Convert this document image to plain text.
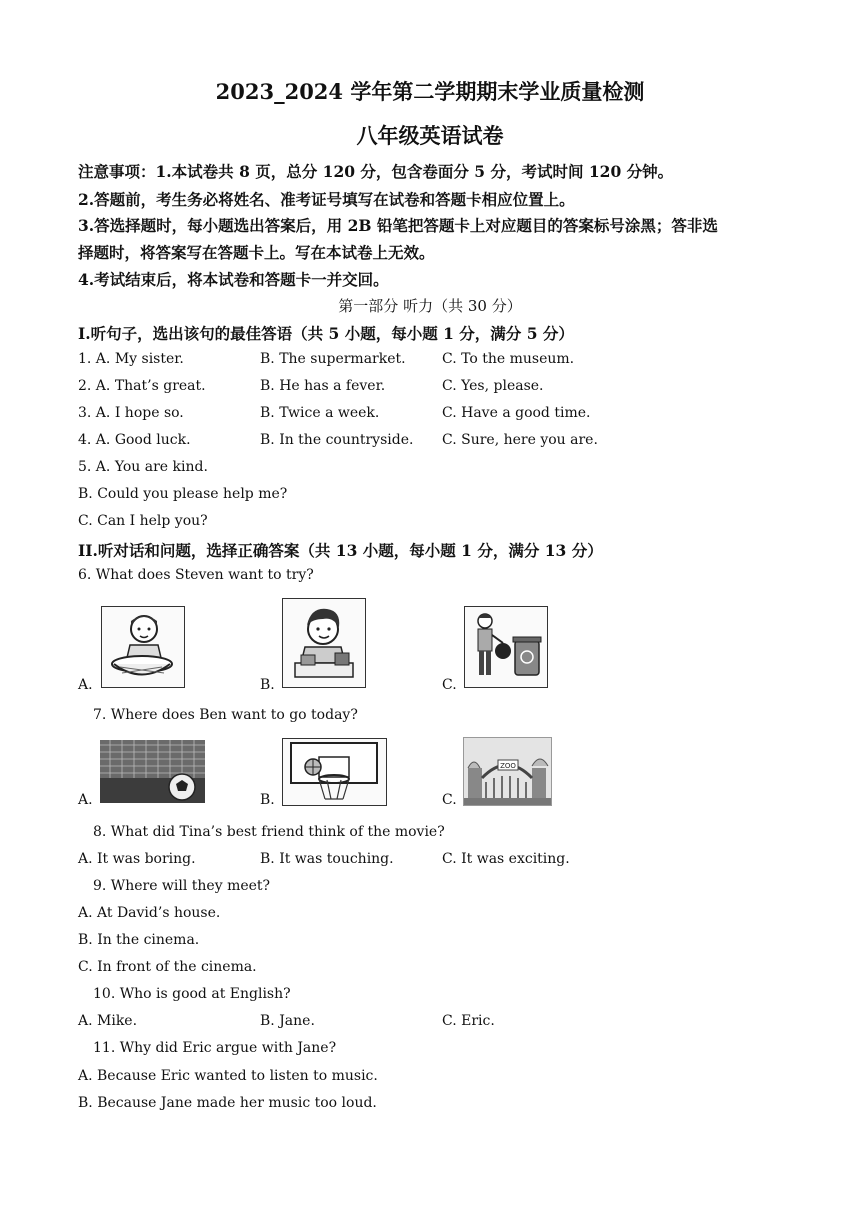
2023_2024 学年第二学期期末学业质量检测
八年级英语试卷
注意事项：1.本试卷共 8 页，总分 120 分，包含卷面分 5 分，考试时间 120 分钟。
2.答题前，考生务必将姓名、准考证号填写在试卷和答题卡相应位置上。
3.答选择题时，每小题选出答案后，用 2B 铅笔把答题卡上对应题目的答案标号涂黑；答非选
择题时，将答案写在答题卡上。写在本试卷上无效。
4.考试结束后，将本试卷和答题卡一并交回。
第一部分 听力（共 30 分）
I.听句子，选出该句的最佳答语（共 5 小题，每小题 1 分，满分 5 分）
1. A. My sister.	B. The supermarket.	C. To the museum.
2. A. That’s great.	B. He has a fever.	C. Yes, please.
3. A. I hope so.	B. Twice a week.	C. Have a good time.
4. A. Good luck.	B. In the countryside. C. Sure, here you are.
5. A. You are kind.
B. Could you please help me?
C. Can I help you?
II.听对话和问题，选择正确答案（共 13 小题，每小题 1 分，满分 13 分）
6. What does Steven want to try?
A.	B.	C.
7. Where does Ben want to go today?
ZOO
A.	B.	C.
8. What did Tina’s best friend think of the movie?
A. It was boring.	B. It was touching.	C. It was exciting.
9. Where will they meet?
A. At David’s house.
B. In the cinema.
C. In front of the cinema.
10. Who is good at English?
A. Mike.	B. Jane.	C. Eric.
11. Why did Eric argue with Jane?
A. Because Eric wanted to listen to music.
B. Because Jane made her music too loud.
